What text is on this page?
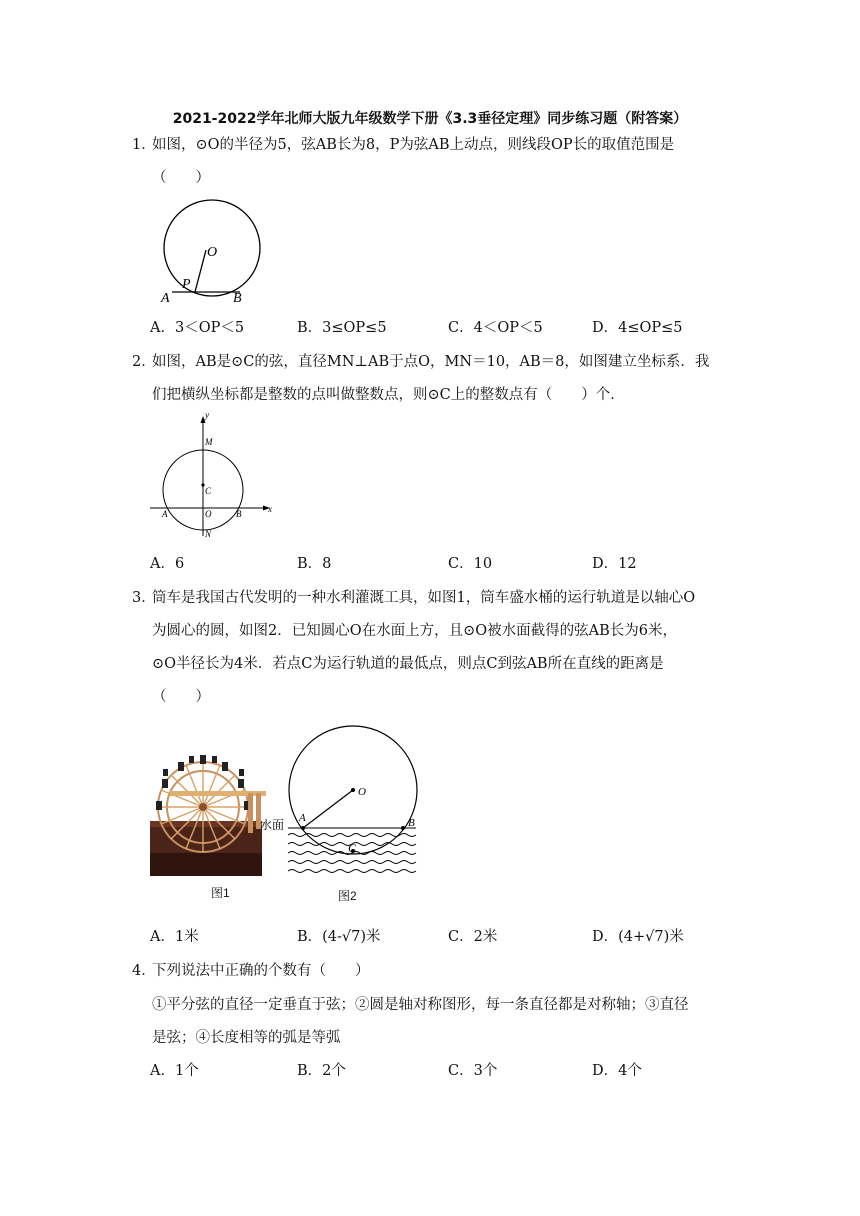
2021-2022学年北师大版九年级数学下册《3.3垂径定理》同步练习题（附答案）
1．
如图，⊙O的半径为5，弦AB长为8，P为弦AB上动点，则线段OP长的取值范围是
（　　）
O
P
A	B
A．3＜OP＜5	B．3≤OP≤5	C．4＜OP＜5	D．4≤OP≤5
2．
如图，AB是⊙C的弦，直径MN⊥AB于点O，MN＝10，AB＝8，如图建立坐标系．我
们把横纵坐标都是整数的点叫做整数点，则⊙C上的整数点有（　　）个．
y
x
M
C
A	O	B
N
A．6	B．8	C．10	D．12
3．
筒车是我国古代发明的一种水利灌溉工具，如图1，筒车盛水桶的运行轨道是以轴心O
为圆心的圆，如图2．已知圆心O在水面上方，且⊙O被水面截得的弦AB长为6米，
⊙O半径长为4米．若点C为运行轨道的最低点，则点C到弦AB所在直线的距离是
（　　）
图1
水面
O
A	B
C
图2
A．1米	B．(4-√7)米	C．2米	D．(4+√7)米
4．
下列说法中正确的个数有（　　）
①平分弦的直径一定垂直于弦；②圆是轴对称图形，每一条直径都是对称轴；③直径
是弦；④长度相等的弧是等弧
A．1个	B．2个	C．3个	D．4个
